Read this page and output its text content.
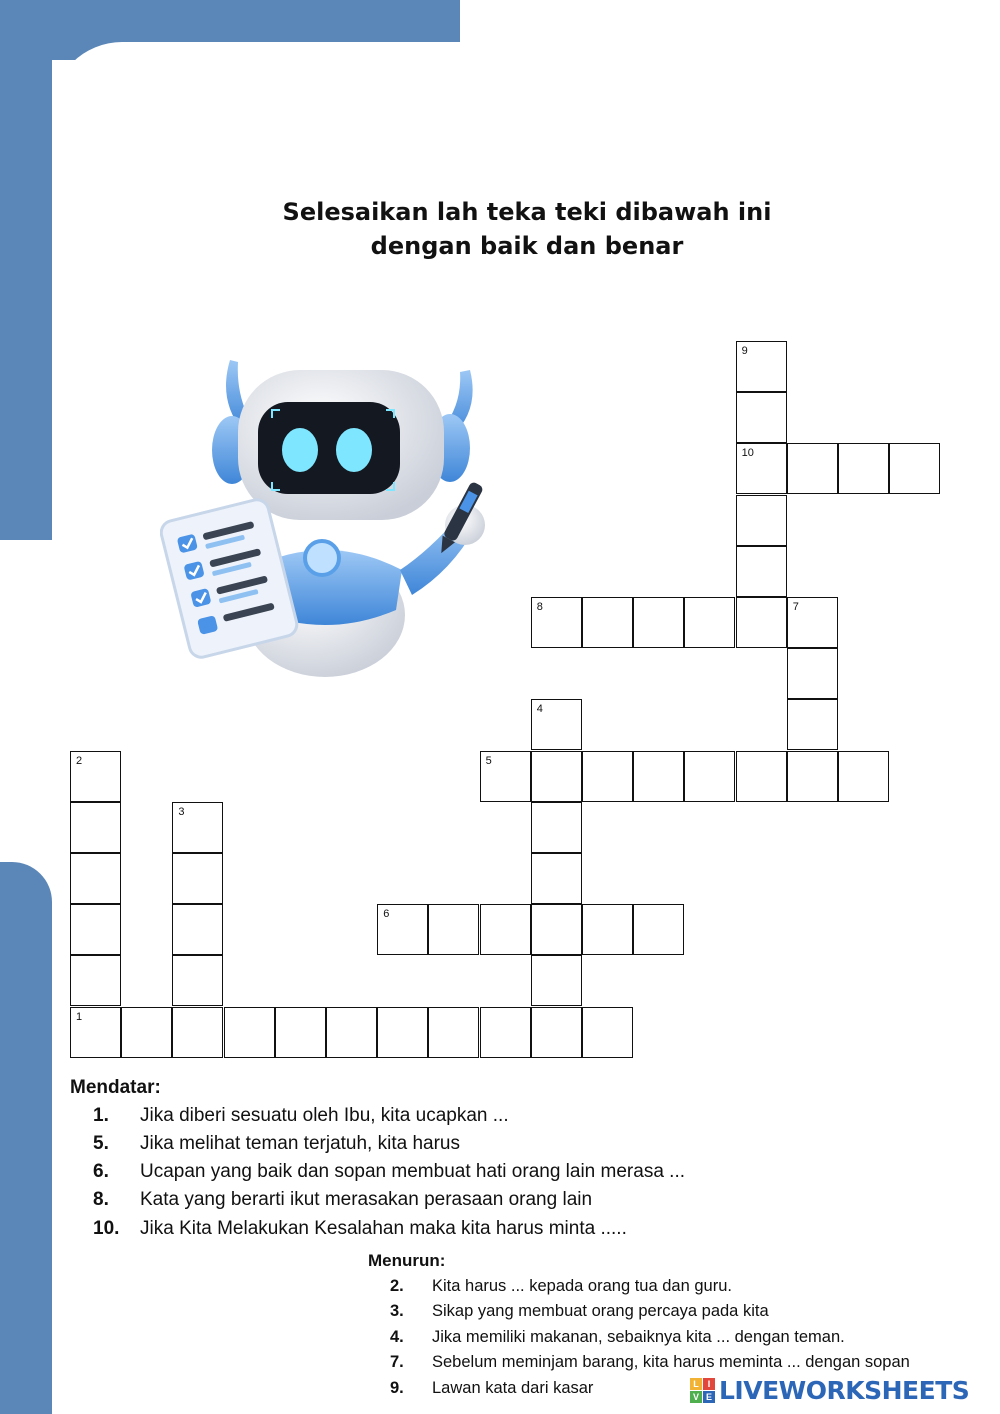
Selesaikan lah teka teki dibawah ini
dengan baik dan benar
9
10
8	7
4
2	5
3
6
1
Mendatar:
1. Jika diberi sesuatu oleh Ibu, kita ucapkan ...
5. Jika melihat teman terjatuh, kita harus
6. Ucapan yang baik dan sopan membuat hati orang lain merasa ...
8. Kata yang berarti ikut merasakan perasaan orang lain
10. Jika Kita Melakukan Kesalahan maka kita harus minta .....
Menurun:
2. Kita harus ... kepada orang tua dan guru.
3. Sikap yang membuat orang percaya pada kita
4. Jika memiliki makanan, sebaiknya kita ... dengan teman.
7. Sebelum meminjam barang, kita harus meminta ... dengan sopan
9. Lawan kata dari kasar	L I
V E LIVEWORKSHEETS
